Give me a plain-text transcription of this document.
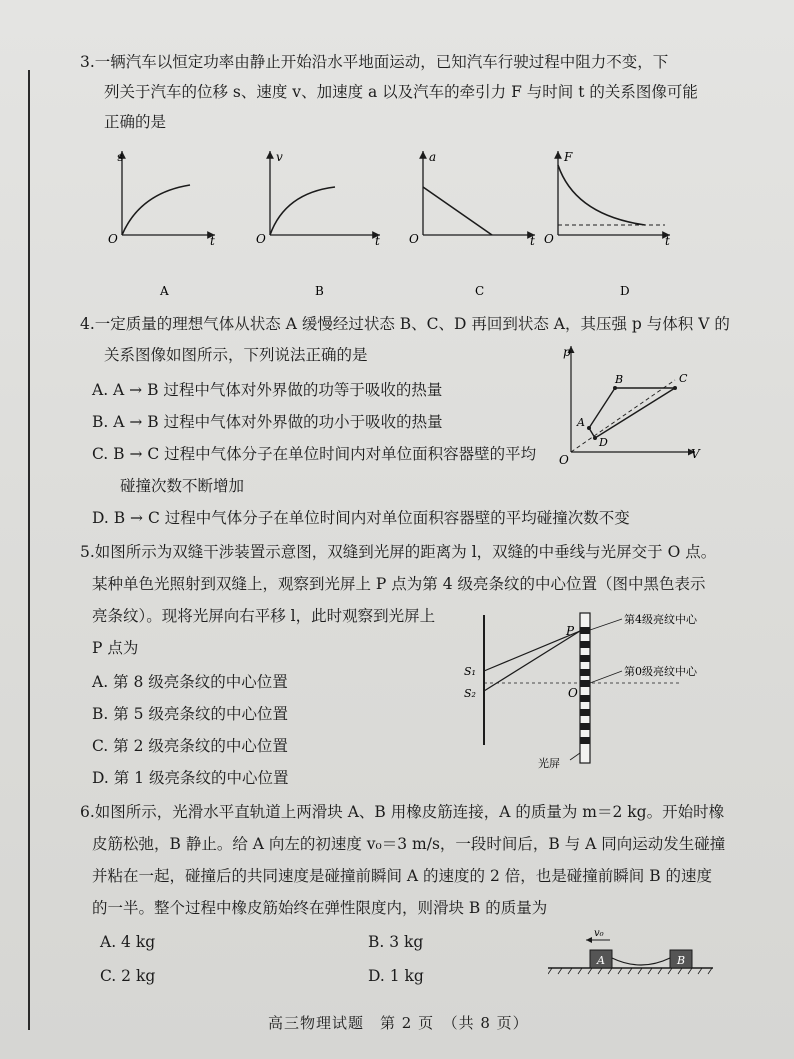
3.一辆汽车以恒定功率由静止开始沿水平地面运动，已知汽车行驶过程中阻力不变，下
列关于汽车的位移 s、速度 v、加速度 a 以及汽车的牵引力 F 与时间 t 的关系图像可能
正确的是
s
t
O
A
v
t
O
B
a
t
O
C
F
t
O
D
4.一定质量的理想气体从状态 A 缓慢经过状态 B、C、D 再回到状态 A，其压强 p 与体积 V 的
关系图像如图所示，下列说法正确的是
A. A → B 过程中气体对外界做的功等于吸收的热量
B. A → B 过程中气体对外界做的功小于吸收的热量
C. B → C 过程中气体分子在单位时间内对单位面积容器壁的平均
碰撞次数不断增加
D. B → C 过程中气体分子在单位时间内对单位面积容器壁的平均碰撞次数不变
p
V
O
A
B	C
D
5.如图所示为双缝干涉装置示意图，双缝到光屏的距离为 l，双缝的中垂线与光屏交于 O 点。
某种单色光照射到双缝上，观察到光屏上 P 点为第 4 级亮条纹的中心位置（图中黑色表示
亮条纹）。现将光屏向右平移 l，此时观察到光屏上
P 点为
A. 第 8 级亮条纹的中心位置
B. 第 5 级亮条纹的中心位置
C. 第 2 级亮条纹的中心位置
D. 第 1 级亮条纹的中心位置
P
O
S₁
S₂
第4级亮纹中心
第0级亮纹中心
光屏
6.如图所示，光滑水平直轨道上两滑块 A、B 用橡皮筋连接，A 的质量为 m＝2 kg。开始时橡
皮筋松弛，B 静止。给 A 向左的初速度 v₀＝3 m/s，一段时间后，B 与 A 同向运动发生碰撞
并粘在一起，碰撞后的共同速度是碰撞前瞬间 A 的速度的 2 倍，也是碰撞前瞬间 B 的速度
的一半。整个过程中橡皮筋始终在弹性限度内，则滑块 B 的质量为
A. 4 kg	B. 3 kg
C. 2 kg	D. 1 kg
v₀
A	B
高三物理试题　第 2 页　（共 8 页）
